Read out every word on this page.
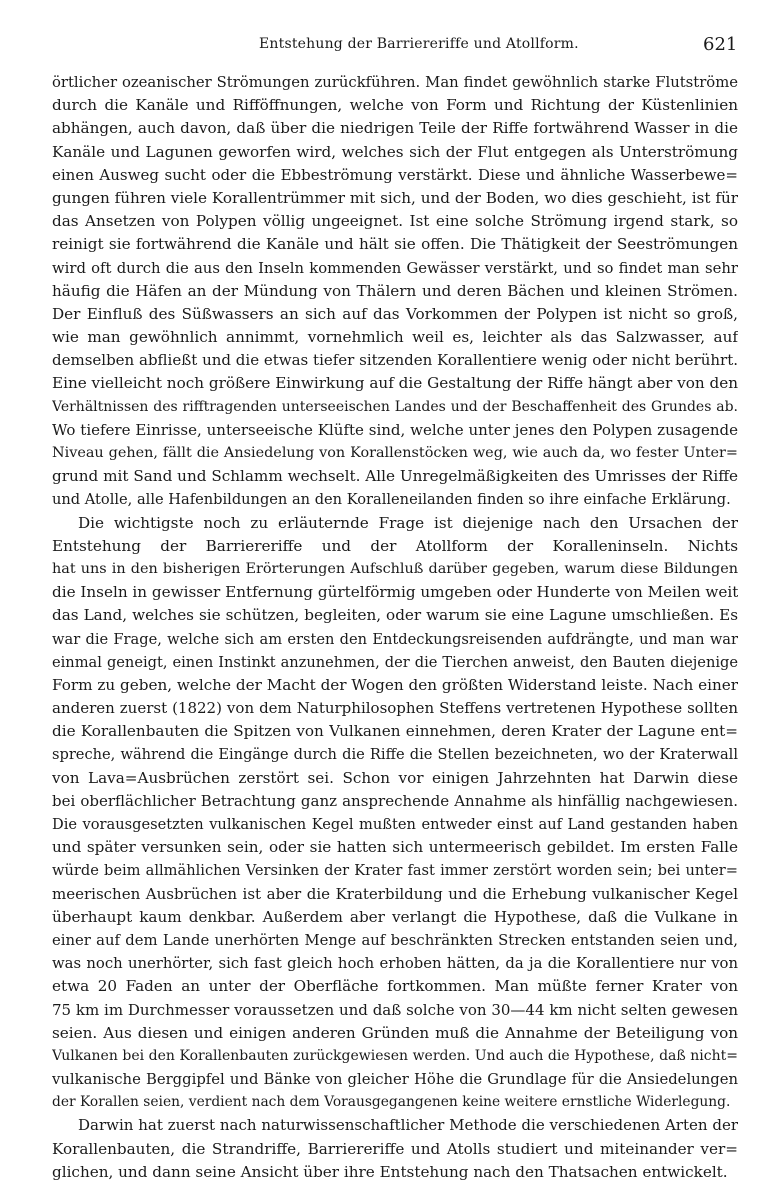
Entstehung der Barriereriffe und Atollform.	621
örtlicher ozeanischer Strömungen zurückführen. Man findet gewöhnlich starke Flutströme
durch die Kanäle und Rifföffnungen, welche von Form und Richtung der Küstenlinien
abhängen, auch davon, daß über die niedrigen Teile der Riffe fortwährend Wasser in die
Kanäle und Lagunen geworfen wird, welches sich der Flut entgegen als Unterströmung
einen Ausweg sucht oder die Ebbeströmung verstärkt. Diese und ähnliche Wasserbewe=
gungen führen viele Korallentrümmer mit sich, und der Boden, wo dies geschieht, ist für
das Ansetzen von Polypen völlig ungeeignet. Ist eine solche Strömung irgend stark, so
reinigt sie fortwährend die Kanäle und hält sie offen. Die Thätigkeit der Seeströmungen
wird oft durch die aus den Inseln kommenden Gewässer verstärkt, und so findet man sehr
häufig die Häfen an der Mündung von Thälern und deren Bächen und kleinen Strömen.
Der Einfluß des Süßwassers an sich auf das Vorkommen der Polypen ist nicht so groß,
wie man gewöhnlich annimmt, vornehmlich weil es, leichter als das Salzwasser, auf
demselben abfließt und die etwas tiefer sitzenden Korallentiere wenig oder nicht berührt.
Eine vielleicht noch größere Einwirkung auf die Gestaltung der Riffe hängt aber von den
Verhältnissen des rifftragenden unterseeischen Landes und der Beschaffenheit des Grundes ab.
Wo tiefere Einrisse, unterseeische Klüfte sind, welche unter jenes den Polypen zusagende
Niveau gehen, fällt die Ansiedelung von Korallenstöcken weg, wie auch da, wo fester Unter=
grund mit Sand und Schlamm wechselt. Alle Unregelmäßigkeiten des Umrisses der Riffe
und Atolle, alle Hafenbildungen an den Koralleneilanden finden so ihre einfache Erklärung.
Die wichtigste noch zu erläuternde Frage ist diejenige nach den Ursachen der
Entstehung der Barriereriffe und der Atollform der Koralleninseln. Nichts
hat uns in den bisherigen Erörterungen Aufschluß darüber gegeben, warum diese Bildungen
die Inseln in gewisser Entfernung gürtelförmig umgeben oder Hunderte von Meilen weit
das Land, welches sie schützen, begleiten, oder warum sie eine Lagune umschließen. Es
war die Frage, welche sich am ersten den Entdeckungsreisenden aufdrängte, und man war
einmal geneigt, einen Instinkt anzunehmen, der die Tierchen anweist, den Bauten diejenige
Form zu geben, welche der Macht der Wogen den größten Widerstand leiste. Nach einer
anderen zuerst (1822) von dem Naturphilosophen Steffens vertretenen Hypothese sollten
die Korallenbauten die Spitzen von Vulkanen einnehmen, deren Krater der Lagune ent=
spreche, während die Eingänge durch die Riffe die Stellen bezeichneten, wo der Kraterwall
von Lava=Ausbrüchen zerstört sei. Schon vor einigen Jahrzehnten hat Darwin diese
bei oberflächlicher Betrachtung ganz ansprechende Annahme als hinfällig nachgewiesen.
Die vorausgesetzten vulkanischen Kegel mußten entweder einst auf Land gestanden haben
und später versunken sein, oder sie hatten sich untermeerisch gebildet. Im ersten Falle
würde beim allmählichen Versinken der Krater fast immer zerstört worden sein; bei unter=
meerischen Ausbrüchen ist aber die Kraterbildung und die Erhebung vulkanischer Kegel
überhaupt kaum denkbar. Außerdem aber verlangt die Hypothese, daß die Vulkane in
einer auf dem Lande unerhörten Menge auf beschränkten Strecken entstanden seien und,
was noch unerhörter, sich fast gleich hoch erhoben hätten, da ja die Korallentiere nur von
etwa 20 Faden an unter der Oberfläche fortkommen. Man müßte ferner Krater von
75 km im Durchmesser voraussetzen und daß solche von 30—44 km nicht selten gewesen
seien. Aus diesen und einigen anderen Gründen muß die Annahme der Beteiligung von
Vulkanen bei den Korallenbauten zurückgewiesen werden. Und auch die Hypothese, daß nicht=
vulkanische Berggipfel und Bänke von gleicher Höhe die Grundlage für die Ansiedelungen
der Korallen seien, verdient nach dem Vorausgegangenen keine weitere ernstliche Widerlegung.
Darwin hat zuerst nach naturwissenschaftlicher Methode die verschiedenen Arten der
Korallenbauten, die Strandriffe, Barriereriffe und Atolls studiert und miteinander ver=
glichen, und dann seine Ansicht über ihre Entstehung nach den Thatsachen entwickelt.
